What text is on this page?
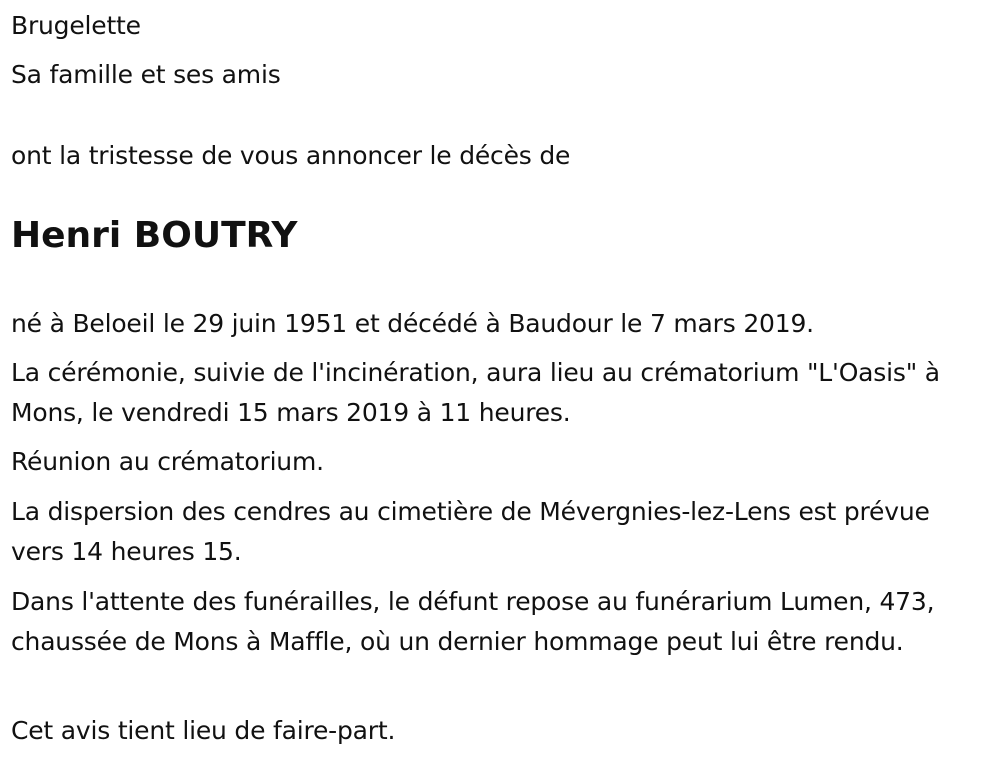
Brugelette

Sa famille et ses amis

ont la tristesse de vous annoncer le décès de

Henri BOUTRY

né à Beloeil le 29 juin 1951 et décédé à Baudour le 7 mars 2019.

La cérémonie, suivie de l'incinération, aura lieu au crématorium "L'Oasis" à Mons, le vendredi 15 mars 2019 à 11 heures.

Réunion au crématorium.

La dispersion des cendres au cimetière de Mévergnies-lez-Lens est prévue vers 14 heures 15.

Dans l'attente des funérailles, le défunt repose au funérarium Lumen, 473, chaussée de Mons à Maffle, où un dernier hommage peut lui être rendu.

Cet avis tient lieu de faire-part.
